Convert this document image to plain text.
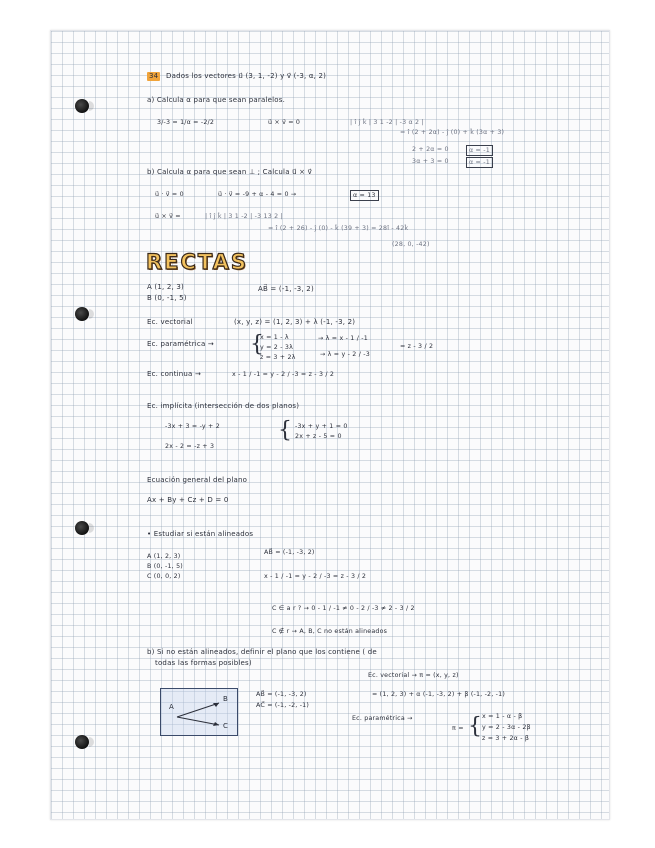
34 Dados los vectores u⃗ (3, 1, -2) y v⃗ (-3, α, 2)
a) Calcula α para que sean paralelos.
3/-3 = 1/α = -2/2	u⃗ × v⃗ = 0	| î ĵ k̂ | 3 1 -2 | -3 α 2 |
= î (2 + 2α) - ĵ (0) + k̂ (3α + 3)
2 + 2α = 0
3α + 3 = 0
α = -1
α = -1
b) Calcula α para que sean ⊥ ; Calcula u⃗ × v⃗
u⃗ · v⃗ = 0	u⃗ · v⃗ = -9 + α - 4 = 0 →	α = 13
u⃗ × v⃗ =	| î ĵ k̂ | 3 1 -2 | -3 13 2 |
= î (2 + 26) - ĵ (0) - k̂ (39 + 3) = 28î - 42k̂
(28, 0, -42)
RECTAS
A (1, 2, 3)
B (0, -1, 5)
AB⃗ = (-1, -3, 2)
Ec. vectorial	(x, y, z) = (1, 2, 3) + λ (-1, -3, 2)
Ec. paramétrica → {
x = 1 - λ
y = 2 - 3λ
z = 3 + 2λ
→ λ = x - 1 / -1
→ λ = y - 2 / -3
= z - 3 / 2
Ec. continua →	x - 1 / -1 = y - 2 / -3 = z - 3 / 2
Ec. implícita (intersección de dos planos)
-3x + 3 = -y + 2
2x - 2 = -z + 3
{ -3x + y + 1 = 0
2x + z - 5 = 0
Ecuación general del plano
Ax + By + Cz + D = 0
• Estudiar si están alineados
A (1, 2, 3)
B (0, -1, 5)
C (0, 0, 2)
AB⃗ = (-1, -3, 2)
x - 1 / -1 = y - 2 / -3 = z - 3 / 2
C ∈ a r ? → 0 - 1 / -1 ≠ 0 - 2 / -3 ≠ 2 - 3 / 2
C ∉ r → A, B, C no están alineados
b) Si no están alineados, definir el plano que los contiene ( de
todas las formas posibles)
Ec. vectorial → π = (x, y, z)
A
B
C
AB⃗ = (-1, -3, 2)
AC⃗ = (-1, -2, -1)
= (1, 2, 3) + α (-1, -3, 2) + β (-1, -2, -1)
Ec. paramétrica →
π = { x = 1 - α - β
y = 2 - 3α - 2β
z = 3 + 2α - β
